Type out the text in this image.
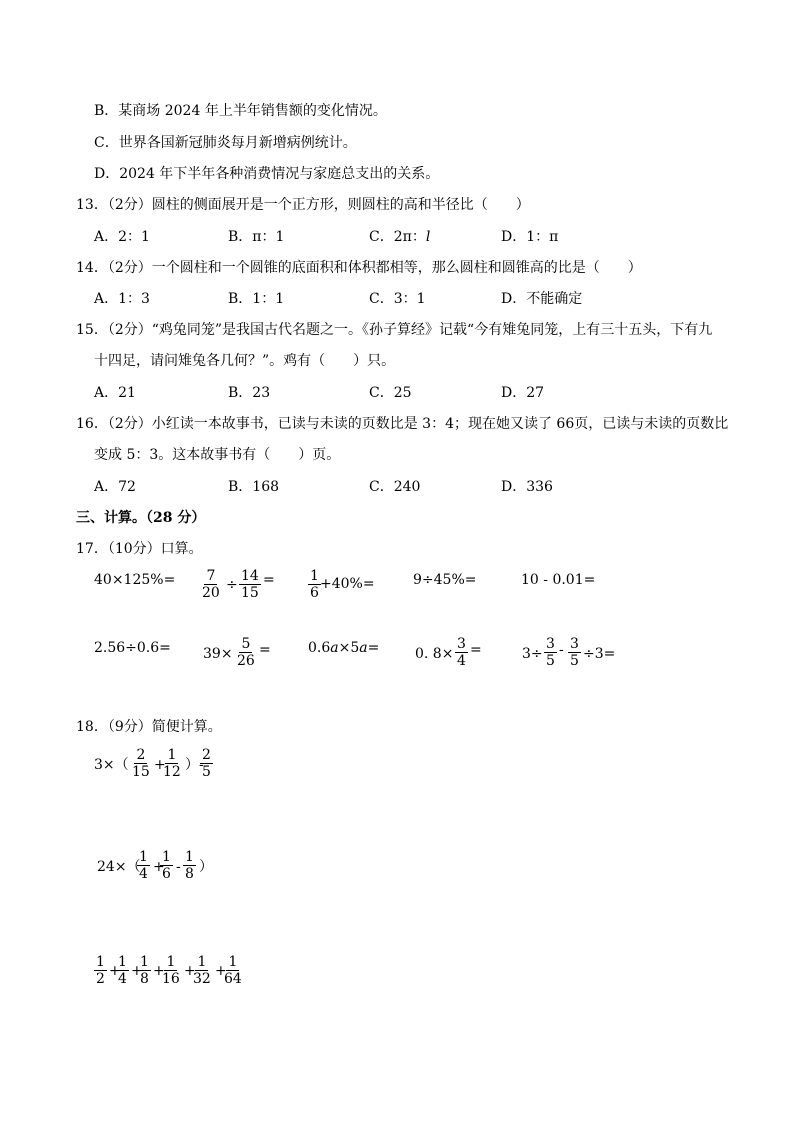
B．某商场 2024 年上半年销售额的变化情况。
C．世界各国新冠肺炎每月新增病例统计。
D．2024 年下半年各种消费情况与家庭总支出的关系。
13．（2分）圆柱的侧面展开是一个正方形，则圆柱的高和半径比（　　）
A．2：1	B．π：1	C．2π：l	D．1：π
14．（2分）一个圆柱和一个圆锥的底面积和体积都相等，那么圆柱和圆锥高的比是（　　）
A．1：3	B．1：1	C．3：1	D．不能确定
15．（2分）“鸡兔同笼”是我国古代名题之一。《孙子算经》记载“今有雉兔同笼，上有三十五头，下有九
十四足，请问雉兔各几何？”。鸡有（　　）只。
A．21	B．23	C．25	D．27
16．（2分）小红读一本故事书，已读与未读的页数比是 3：4；现在她又读了 66页，已读与未读的页数比
变成 5：3。这本故事书有（　　）页。
A．72	B．168	C．240	D．336
三、计算。（28 分）
17．（10分）口算。
$40\times 125\%= \frac{7}{20} \div \frac{14}{15} = \frac{1}{6} +40\%=$	9÷45%=	10 - 0.01=
$2.56\div 0.6= 39\times \frac{5}{26}$ =	0.6a×5a=	0. $8\times \frac{3}{4}$ =	$3\div \frac{3}{5} - \frac{3}{5} \div 3=$
18．（9分）简便计算。
$3\times( \frac{2}{15}$ +
$\frac{1}{12}$ ）-
$\frac{2}{5}$
24×（
$\frac{1}{4}$ +
$\frac{1}{6} - \frac{1}{8}$ ）
$\frac{1}{2}$ +
$\frac{1}{4}$ +
$\frac{1}{8}$ +
$\frac{1}{16}$ +
$\frac{1}{32}$ +
$\frac{1}{64}$
